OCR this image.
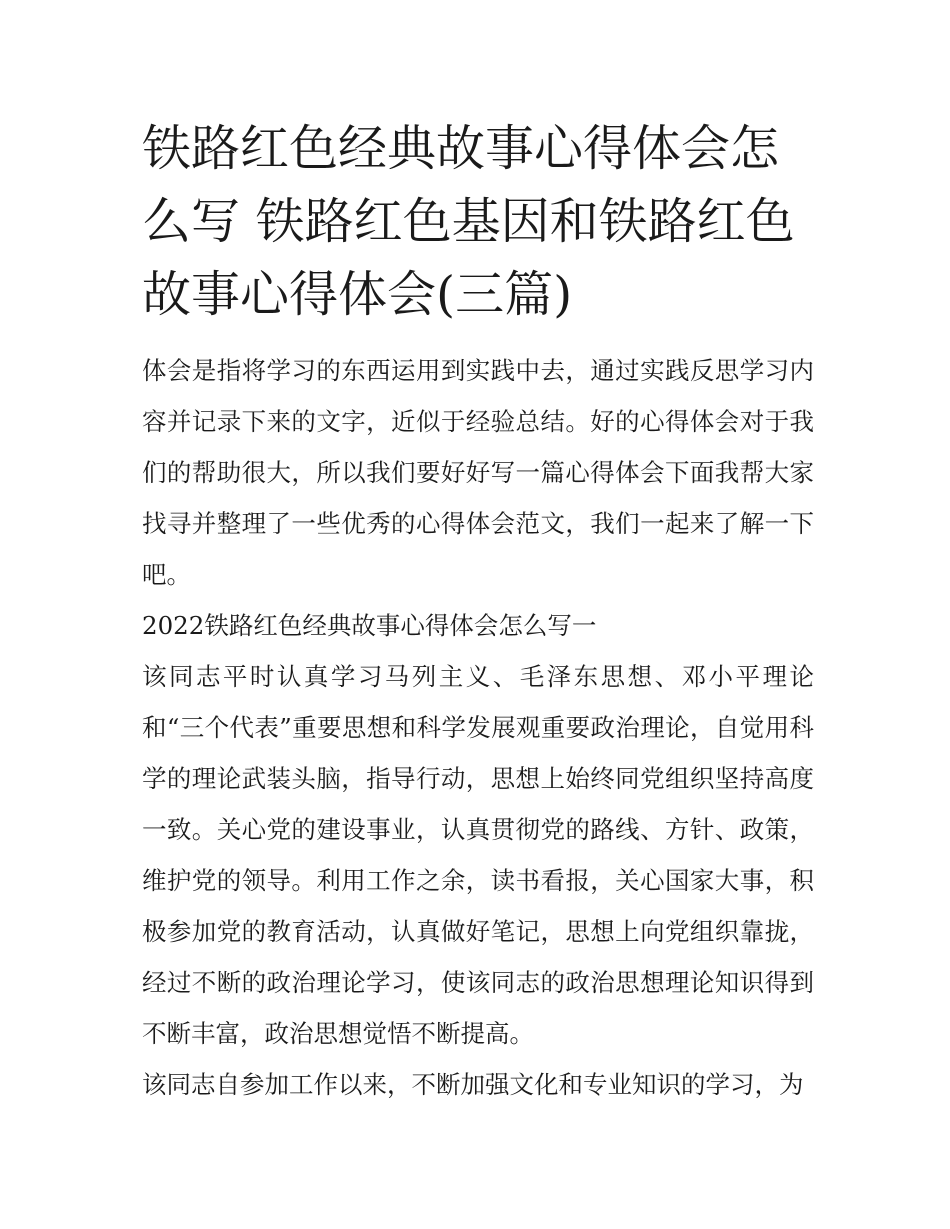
铁路红色经典故事心得体会怎么写 铁路红色基因和铁路红色故事心得体会(三篇)

体会是指将学习的东西运用到实践中去，通过实践反思学习内容并记录下来的文字，近似于经验总结。好的心得体会对于我们的帮助很大，所以我们要好好写一篇心得体会下面我帮大家找寻并整理了一些优秀的心得体会范文，我们一起来了解一下吧。

2022铁路红色经典故事心得体会怎么写一

该同志平时认真学习马列主义、毛泽东思想、邓小平理论和“三个代表”重要思想和科学发展观重要政治理论，自觉用科学的理论武装头脑，指导行动，思想上始终同党组织坚持高度一致。关心党的建设事业，认真贯彻党的路线、方针、政策，维护党的领导。利用工作之余，读书看报，关心国家大事，积极参加党的教育活动，认真做好笔记，思想上向党组织靠拢，经过不断的政治理论学习，使该同志的政治思想理论知识得到不断丰富，政治思想觉悟不断提高。

该同志自参加工作以来，不断加强文化和专业知识的学习，为
